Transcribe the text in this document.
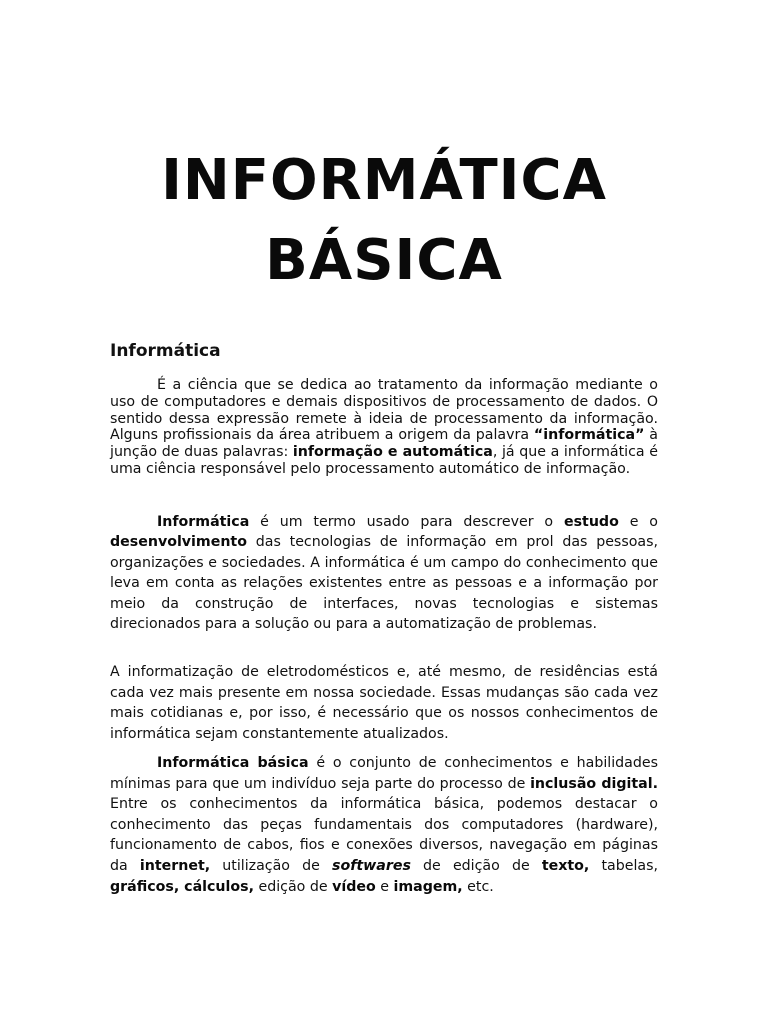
INFORMÁTICA
BÁSICA
Informática

É a ciência que se dedica ao tratamento da informação mediante o uso de computadores e demais dispositivos de processamento de dados. O sentido dessa expressão remete à ideia de processamento da informação. Alguns profissionais da área atribuem a origem da palavra “informática” à junção de duas palavras: informação e automática, já que a informática é uma ciência responsável pelo processamento automático de informação.

Informática é um termo usado para descrever o estudo e o desenvolvimento das tecnologias de informação em prol das pessoas, organizações e sociedades. A informática é um campo do conhecimento que leva em conta as relações existentes entre as pessoas e a informação por meio da construção de interfaces, novas tecnologias e sistemas direcionados para a solução ou para a automatização de problemas.

A informatização de eletrodomésticos e, até mesmo, de residências está cada vez mais presente em nossa sociedade. Essas mudanças são cada vez mais cotidianas e, por isso, é necessário que os nossos conhecimentos de informática sejam constantemente atualizados.

Informática básica é o conjunto de conhecimentos e habilidades mínimas para que um indivíduo seja parte do processo de inclusão digital. Entre os conhecimentos da informática básica, podemos destacar o conhecimento das peças fundamentais dos computadores (hardware), funcionamento de cabos, fios e conexões diversos, navegação em páginas da internet, utilização de softwares de edição de texto, tabelas, gráficos, cálculos, edição de vídeo e imagem, etc.
